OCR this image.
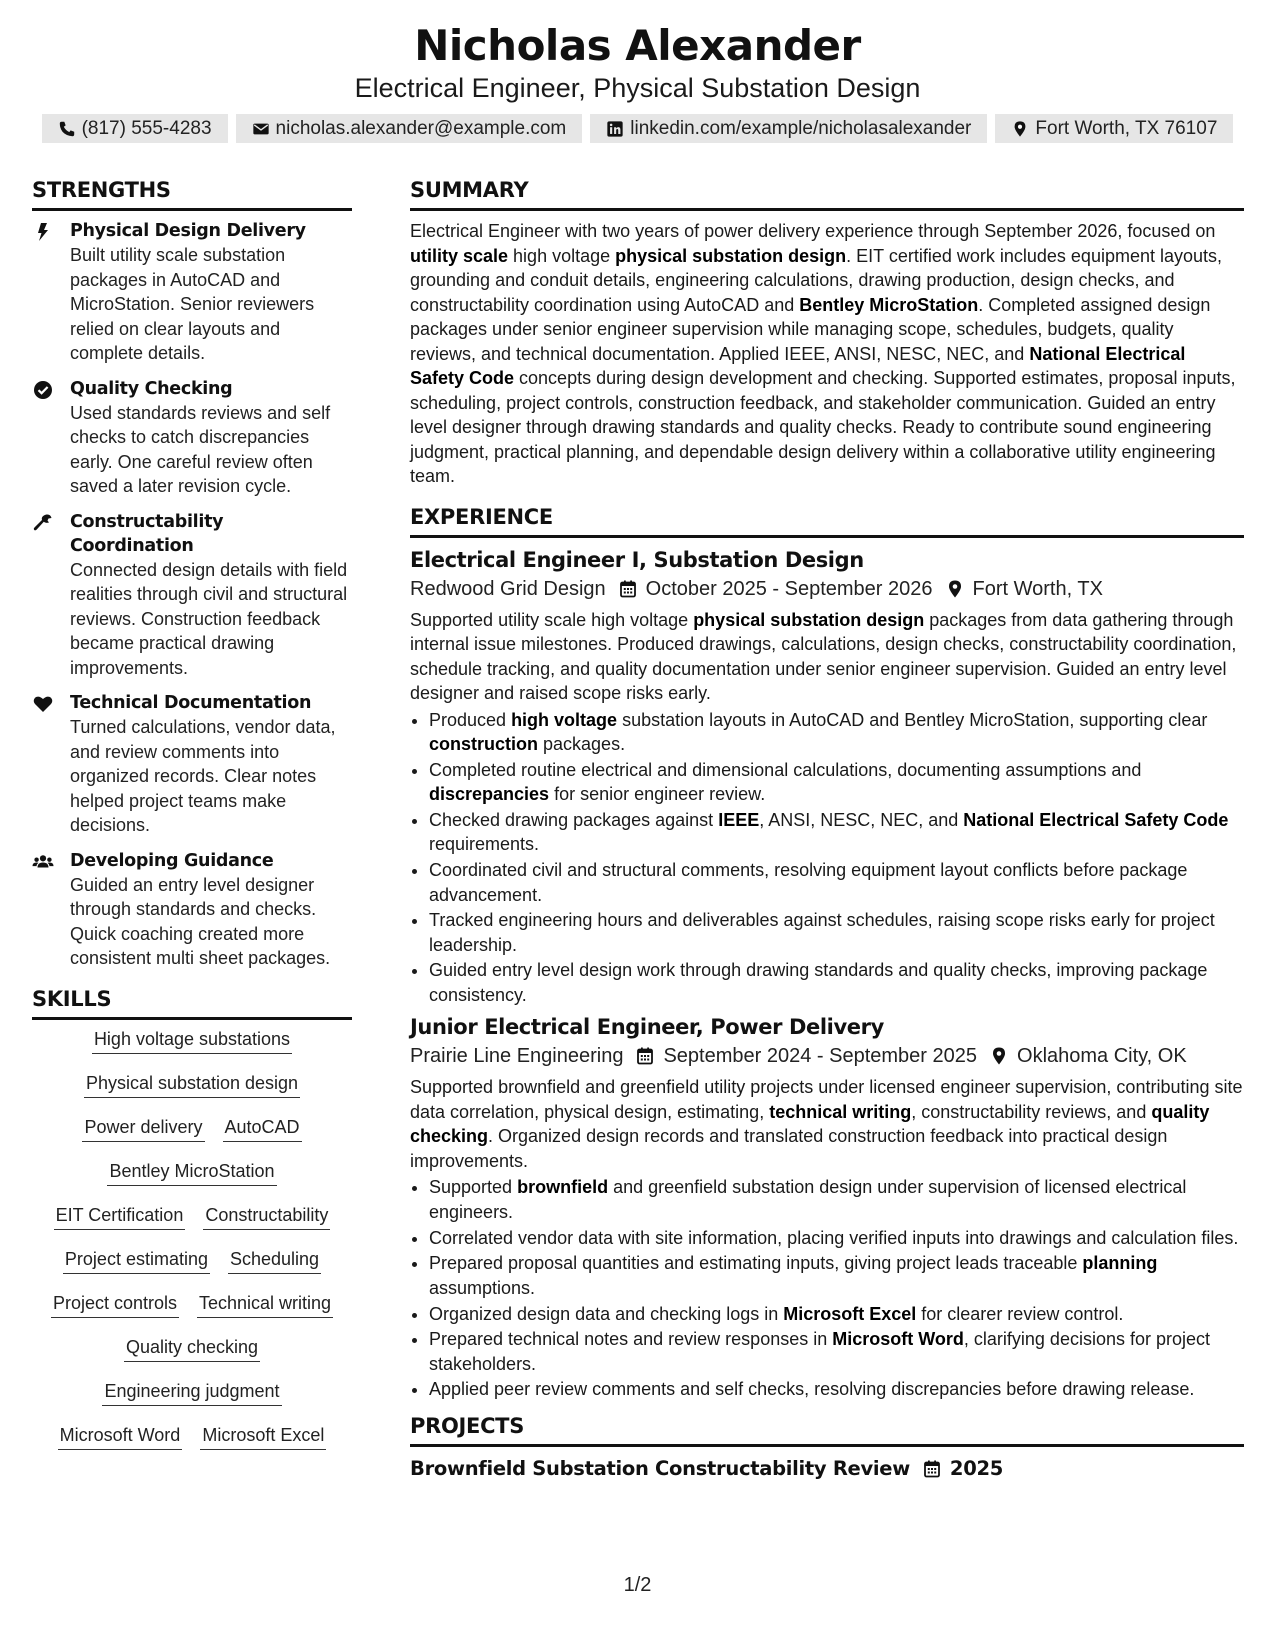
Nicholas Alexander
Electrical Engineer, Physical Substation Design
(817) 555-4283	nicholas.alexander@example.com	linkedin.com/example/nicholasalexander	Fort Worth, TX 76107
STRENGTHS
Physical Design Delivery
Built utility scale substation packages in AutoCAD and MicroStation. Senior reviewers relied on clear layouts and complete details.
Quality Checking
Used standards reviews and self checks to catch discrepancies early. One careful review often saved a later revision cycle.
Constructability Coordination
Connected design details with field realities through civil and structural reviews. Construction feedback became practical drawing improvements.
Technical Documentation
Turned calculations, vendor data, and review comments into organized records. Clear notes helped project teams make decisions.
Developing Guidance
Guided an entry level designer through standards and checks. Quick coaching created more consistent multi sheet packages.
SKILLS
High voltage substations
Physical substation design
Power delivery AutoCAD
Bentley MicroStation
EIT Certification Constructability
Project estimating Scheduling
Project controls Technical writing
Quality checking
Engineering judgment
Microsoft Word Microsoft Excel
SUMMARY

Electrical Engineer with two years of power delivery experience through September 2026, focused on utility scale high voltage physical substation design. EIT certified work includes equipment layouts, grounding and conduit details, engineering calculations, drawing production, design checks, and constructability coordination using AutoCAD and Bentley MicroStation. Completed assigned design packages under senior engineer supervision while managing scope, schedules, budgets, quality reviews, and technical documentation. Applied IEEE, ANSI, NESC, NEC, and National Electrical Safety Code concepts during design development and checking. Supported estimates, proposal inputs, scheduling, project controls, construction feedback, and stakeholder communication. Guided an entry level designer through drawing standards and quality checks. Ready to contribute sound engineering judgment, practical planning, and dependable design delivery within a collaborative utility engineering team.

EXPERIENCE
Electrical Engineer I, Substation Design
Redwood Grid Design October 2025 - September 2026 Fort Worth, TX

Supported utility scale high voltage physical substation design packages from data gathering through internal issue milestones. Produced drawings, calculations, design checks, constructability coordination, schedule tracking, and quality documentation under senior engineer supervision. Guided an entry level designer and raised scope risks early.

• Produced high voltage substation layouts in AutoCAD and Bentley MicroStation, supporting clear construction packages.
• Completed routine electrical and dimensional calculations, documenting assumptions and discrepancies for senior engineer review.
• Checked drawing packages against IEEE, ANSI, NESC, NEC, and National Electrical Safety Code requirements.
• Coordinated civil and structural comments, resolving equipment layout conflicts before package advancement.
• Tracked engineering hours and deliverables against schedules, raising scope risks early for project leadership.
• Guided entry level design work through drawing standards and quality checks, improving package consistency.
Junior Electrical Engineer, Power Delivery
Prairie Line Engineering September 2024 - September 2025 Oklahoma City, OK

Supported brownfield and greenfield utility projects under licensed engineer supervision, contributing site data correlation, physical design, estimating, technical writing, constructability reviews, and quality checking. Organized design records and translated construction feedback into practical design improvements.

• Supported brownfield and greenfield substation design under supervision of licensed electrical engineers.
• Correlated vendor data with site information, placing verified inputs into drawings and calculation files.
• Prepared proposal quantities and estimating inputs, giving project leads traceable planning assumptions.
• Organized design data and checking logs in Microsoft Excel for clearer review control.
• Prepared technical notes and review responses in Microsoft Word, clarifying decisions for project stakeholders.
• Applied peer review comments and self checks, resolving discrepancies before drawing release.
PROJECTS
Brownfield Substation Constructability Review 2025
1/2
